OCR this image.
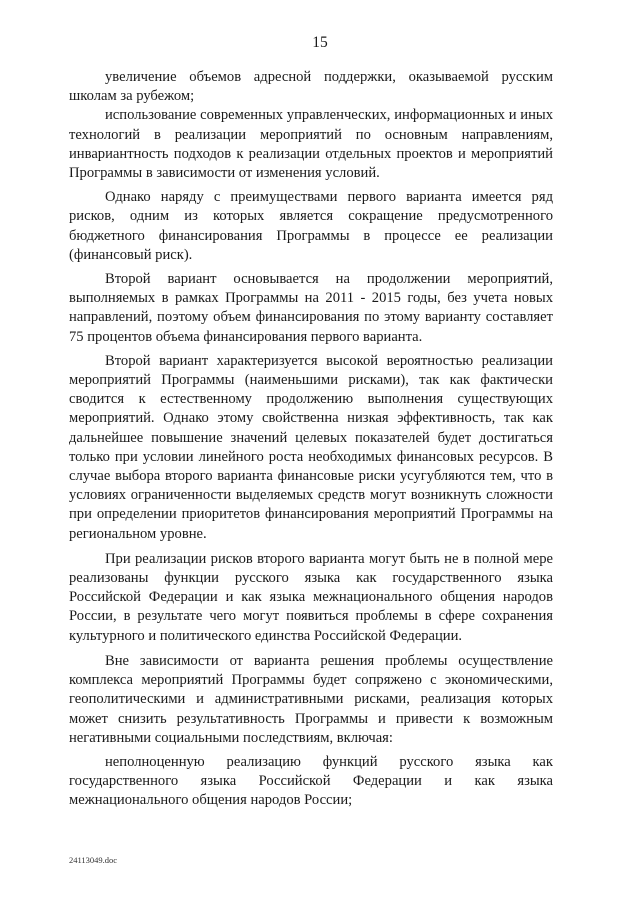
15

увеличение объемов адресной поддержки, оказываемой русским школам за рубежом;

использование современных управленческих, информационных и иных технологий в реализации мероприятий по основным направлениям, инвариантность подходов к реализации отдельных проектов и мероприятий Программы в зависимости от изменения условий.

Однако наряду с преимуществами первого варианта имеется ряд рисков, одним из которых является сокращение предусмотренного бюджетного финансирования Программы в процессе ее реализации (финансовый риск).

Второй вариант основывается на продолжении мероприятий, выполняемых в рамках Программы на 2011 - 2015 годы, без учета новых направлений, поэтому объем финансирования по этому варианту составляет 75 процентов объема финансирования первого варианта.

Второй вариант характеризуется высокой вероятностью реализации мероприятий Программы (наименьшими рисками), так как фактически сводится к естественному продолжению выполнения существующих мероприятий. Однако этому свойственна низкая эффективность, так как дальнейшее повышение значений целевых показателей будет достигаться только при условии линейного роста необходимых финансовых ресурсов. В случае выбора второго варианта финансовые риски усугубляются тем, что в условиях ограниченности выделяемых средств могут возникнуть сложности при определении приоритетов финансирования мероприятий Программы на региональном уровне.

При реализации рисков второго варианта могут быть не в полной мере реализованы функции русского языка как государственного языка Российской Федерации и как языка межнационального общения народов России, в результате чего могут появиться проблемы в сфере сохранения культурного и политического единства Российской Федерации.

Вне зависимости от варианта решения проблемы осуществление комплекса мероприятий Программы будет сопряжено с экономическими, геополитическими и административными рисками, реализация которых может снизить результативность Программы и привести к возможным негативными социальными последствиям, включая:

неполноценную реализацию функций русского языка как государственного языка Российской Федерации и как языка межнационального общения народов России;

24113049.doc
